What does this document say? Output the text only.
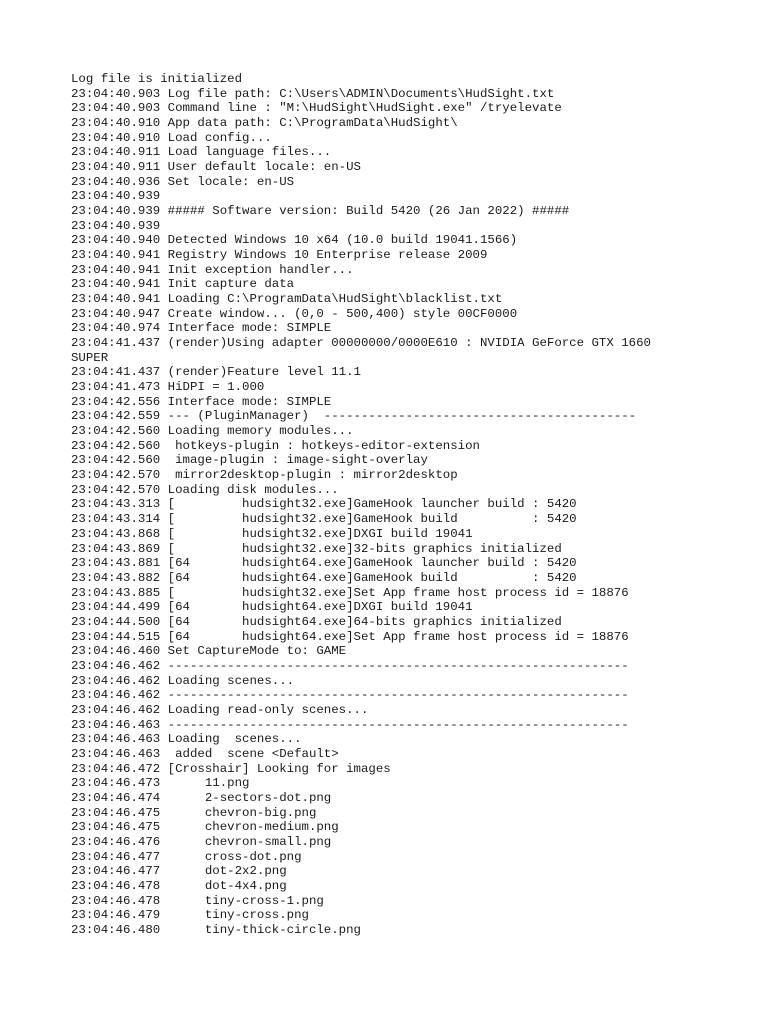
Log file is initialized
23:04:40.903 Log file path: C:\Users\ADMIN\Documents\HudSight.txt
23:04:40.903 Command line : "M:\HudSight\HudSight.exe" /tryelevate
23:04:40.910 App data path: C:\ProgramData\HudSight\
23:04:40.910 Load config...
23:04:40.911 Load language files...
23:04:40.911 User default locale: en-US
23:04:40.936 Set locale: en-US
23:04:40.939
23:04:40.939 ##### Software version: Build 5420 (26 Jan 2022) #####
23:04:40.939
23:04:40.940 Detected Windows 10 x64 (10.0 build 19041.1566)
23:04:40.941 Registry Windows 10 Enterprise release 2009
23:04:40.941 Init exception handler...
23:04:40.941 Init capture data
23:04:40.941 Loading C:\ProgramData\HudSight\blacklist.txt
23:04:40.947 Create window... (0,0 - 500,400) style 00CF0000
23:04:40.974 Interface mode: SIMPLE
23:04:41.437 (render)Using adapter 00000000/0000E610 : NVIDIA GeForce GTX 1660
SUPER
23:04:41.437 (render)Feature level 11.1
23:04:41.473 HiDPI = 1.000
23:04:42.556 Interface mode: SIMPLE
23:04:42.559 --- (PluginManager)  ------------------------------------------
23:04:42.560 Loading memory modules...
23:04:42.560  hotkeys-plugin : hotkeys-editor-extension
23:04:42.560  image-plugin : image-sight-overlay
23:04:42.570  mirror2desktop-plugin : mirror2desktop
23:04:42.570 Loading disk modules...
23:04:43.313 [         hudsight32.exe]GameHook launcher build : 5420
23:04:43.314 [         hudsight32.exe]GameHook build          : 5420
23:04:43.868 [         hudsight32.exe]DXGI build 19041
23:04:43.869 [         hudsight32.exe]32-bits graphics initialized
23:04:43.881 [64       hudsight64.exe]GameHook launcher build : 5420
23:04:43.882 [64       hudsight64.exe]GameHook build          : 5420
23:04:43.885 [         hudsight32.exe]Set App frame host process id = 18876
23:04:44.499 [64       hudsight64.exe]DXGI build 19041
23:04:44.500 [64       hudsight64.exe]64-bits graphics initialized
23:04:44.515 [64       hudsight64.exe]Set App frame host process id = 18876
23:04:46.460 Set CaptureMode to: GAME
23:04:46.462 --------------------------------------------------------------
23:04:46.462 Loading scenes...
23:04:46.462 --------------------------------------------------------------
23:04:46.462 Loading read-only scenes...
23:04:46.463 --------------------------------------------------------------
23:04:46.463 Loading  scenes...
23:04:46.463  added  scene <Default>
23:04:46.472 [Crosshair] Looking for images
23:04:46.473      11.png
23:04:46.474      2-sectors-dot.png
23:04:46.475      chevron-big.png
23:04:46.475      chevron-medium.png
23:04:46.476      chevron-small.png
23:04:46.477      cross-dot.png
23:04:46.477      dot-2x2.png
23:04:46.478      dot-4x4.png
23:04:46.478      tiny-cross-1.png
23:04:46.479      tiny-cross.png
23:04:46.480      tiny-thick-circle.png
